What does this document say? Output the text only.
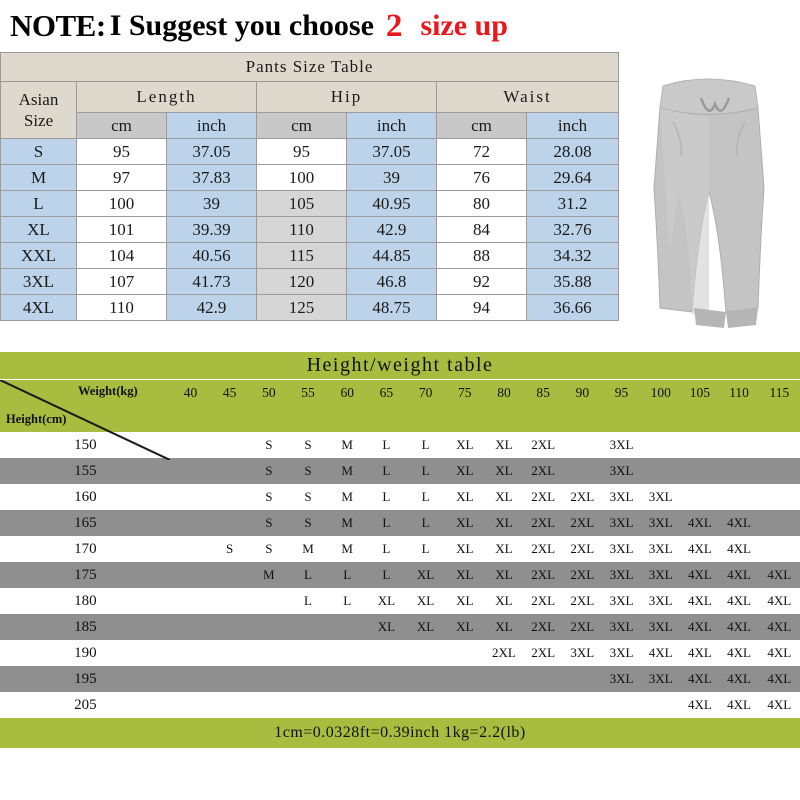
NOTE: I Suggest you choose 2 size up
Pants Size Table						
Asian
Size	Length		Hip		Waist	
	cm	inch	cm	inch	cm	inch
S	95	37.05	95	37.05	72	28.08
M	97	37.83	100	39	76	29.64
L	100	39	105	40.95	80	31.2
XL	101	39.39	110	42.9	84	32.76
XXL	104	40.56	115	44.85	88	34.32
3XL	107	41.73	120	46.8	92	35.88
4XL	110	42.9	125	48.75	94	36.66
Height/weight table
Weight(kg)
Height(cm)	40	45	50	55	60	65	70	75	80	85	90	95	100	105	110	115

150			S	S	M	L	L	XL	XL	2XL		3XL				
155			S	S	M	L	L	XL	XL	2XL		3XL				
160			S	S	M	L	L	XL	XL	2XL	2XL	3XL	3XL			
165			S	S	M	L	L	XL	XL	2XL	2XL	3XL	3XL	4XL	4XL	
170		S	S	M	M	L	L	XL	XL	2XL	2XL	3XL	3XL	4XL	4XL	
175			M	L	L	L	XL	XL	XL	2XL	2XL	3XL	3XL	4XL	4XL	4XL
180				L	L	XL	XL	XL	XL	2XL	2XL	3XL	3XL	4XL	4XL	4XL
185						XL	XL	XL	XL	2XL	2XL	3XL	3XL	4XL	4XL	4XL
190									2XL	2XL	3XL	3XL	4XL	4XL	4XL	4XL
195												3XL	3XL	4XL	4XL	4XL
205														4XL	4XL	4XL
1cm=0.0328ft=0.39inch 1kg=2.2(lb)
